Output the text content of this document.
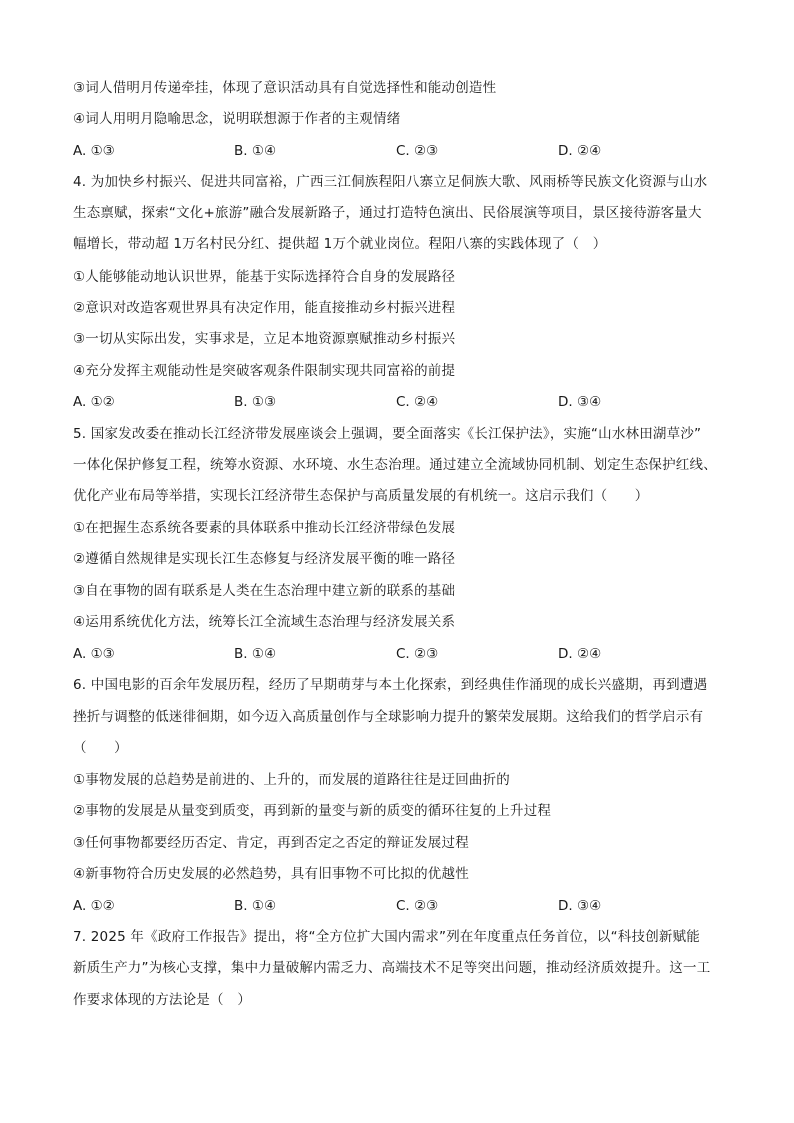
③词人借明月传递牵挂，体现了意识活动具有自觉选择性和能动创造性
④词人用明月隐喻思念，说明联想源于作者的主观情绪
A. ①③	B. ①④	C. ②③	D. ②④
4. 为加快乡村振兴、促进共同富裕，广西三江侗族程阳八寨立足侗族大歌、风雨桥等民族文化资源与山水
生态禀赋，探索“文化+旅游”融合发展新路子，通过打造特色演出、民俗展演等项目，景区接待游客量大
幅增长，带动超 1万名村民分红、提供超 1万个就业岗位。程阳八寨的实践体现了（　）
①人能够能动地认识世界，能基于实际选择符合自身的发展路径
②意识对改造客观世界具有决定作用，能直接推动乡村振兴进程
③一切从实际出发，实事求是，立足本地资源禀赋推动乡村振兴
④充分发挥主观能动性是突破客观条件限制实现共同富裕的前提
A. ①②	B. ①③	C. ②④	D. ③④
5. 国家发改委在推动长江经济带发展座谈会上强调，要全面落实《长江保护法》，实施“山水林田湖草沙”
一体化保护修复工程，统筹水资源、水环境、水生态治理。通过建立全流域协同机制、划定生态保护红线、
优化产业布局等举措，实现长江经济带生态保护与高质量发展的有机统一。这启示我们（　　）
①在把握生态系统各要素的具体联系中推动长江经济带绿色发展
②遵循自然规律是实现长江生态修复与经济发展平衡的唯一路径
③自在事物的固有联系是人类在生态治理中建立新的联系的基础
④运用系统优化方法，统筹长江全流域生态治理与经济发展关系
A. ①③	B. ①④	C. ②③	D. ②④
6. 中国电影的百余年发展历程，经历了早期萌芽与本土化探索，到经典佳作涌现的成长兴盛期，再到遭遇
挫折与调整的低迷徘徊期，如今迈入高质量创作与全球影响力提升的繁荣发展期。这给我们的哲学启示有
（　　）
①事物发展的总趋势是前进的、上升的，而发展的道路往往是迂回曲折的
②事物的发展是从量变到质变，再到新的量变与新的质变的循环往复的上升过程
③任何事物都要经历否定、肯定，再到否定之否定的辩证发展过程
④新事物符合历史发展的必然趋势，具有旧事物不可比拟的优越性
A. ①②	B. ①④	C. ②③	D. ③④
7. 2025 年《政府工作报告》提出，将“全方位扩大国内需求”列在年度重点任务首位，以“科技创新赋能
新质生产力”为核心支撑，集中力量破解内需乏力、高端技术不足等突出问题，推动经济质效提升。这一工
作要求体现的方法论是（　）
